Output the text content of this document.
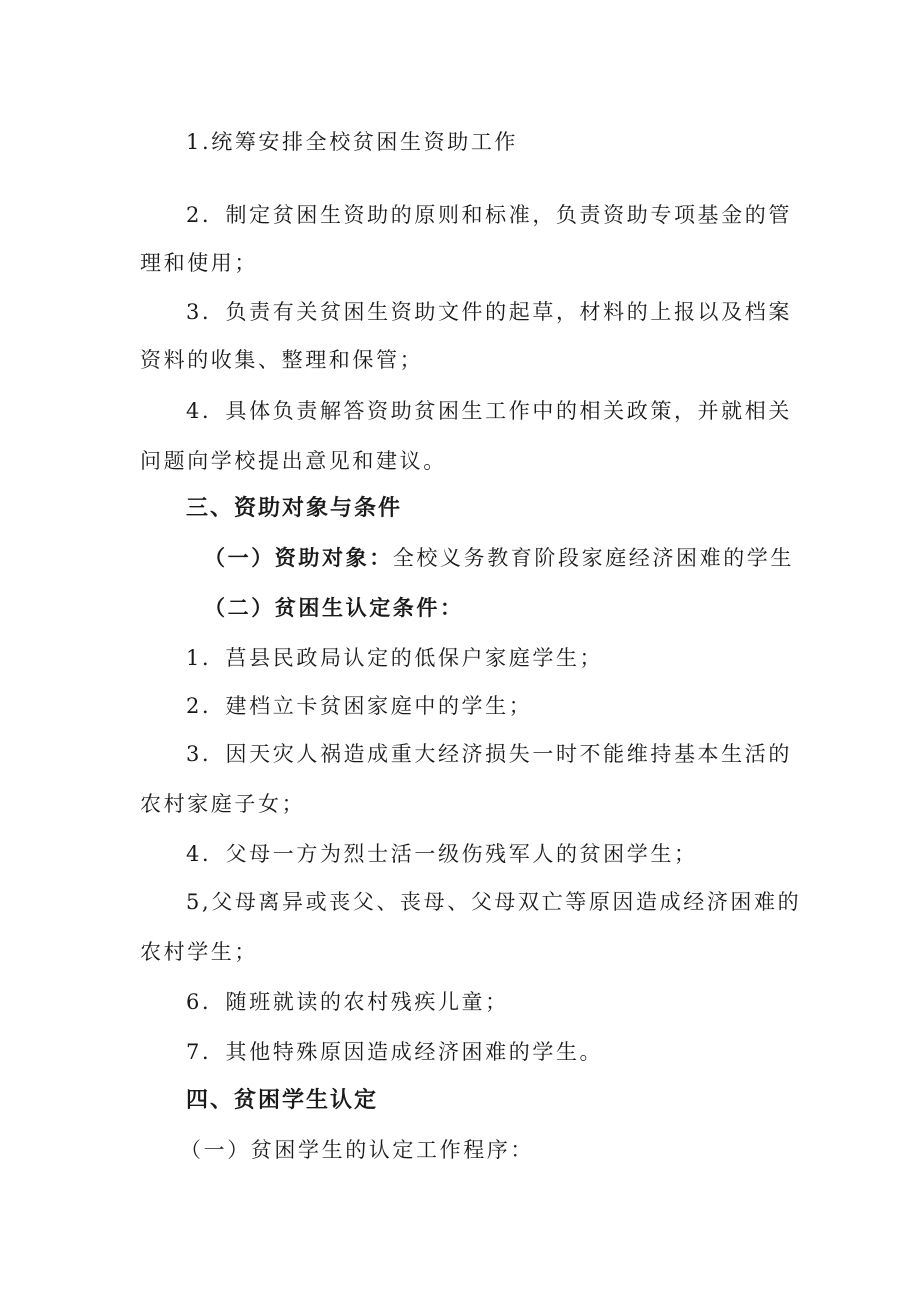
1.统筹安排全校贫困生资助工作
2．制定贫困生资助的原则和标准，负责资助专项基金的管
理和使用；
3．负责有关贫困生资助文件的起草，材料的上报以及档案
资料的收集、整理和保管；
4．具体负责解答资助贫困生工作中的相关政策，并就相关
问题向学校提出意见和建议。
三、资助对象与条件
（一）资助对象：全校义务教育阶段家庭经济困难的学生
（二）贫困生认定条件：
1．莒县民政局认定的低保户家庭学生；
2．建档立卡贫困家庭中的学生；
3．因天灾人祸造成重大经济损失一时不能维持基本生活的
农村家庭子女；
4．父母一方为烈士活一级伤残军人的贫困学生；
5,父母离异或丧父、丧母、父母双亡等原因造成经济困难的
农村学生；
6．随班就读的农村残疾儿童；
7．其他特殊原因造成经济困难的学生。
四、贫困学生认定
（一）贫困学生的认定工作程序：
